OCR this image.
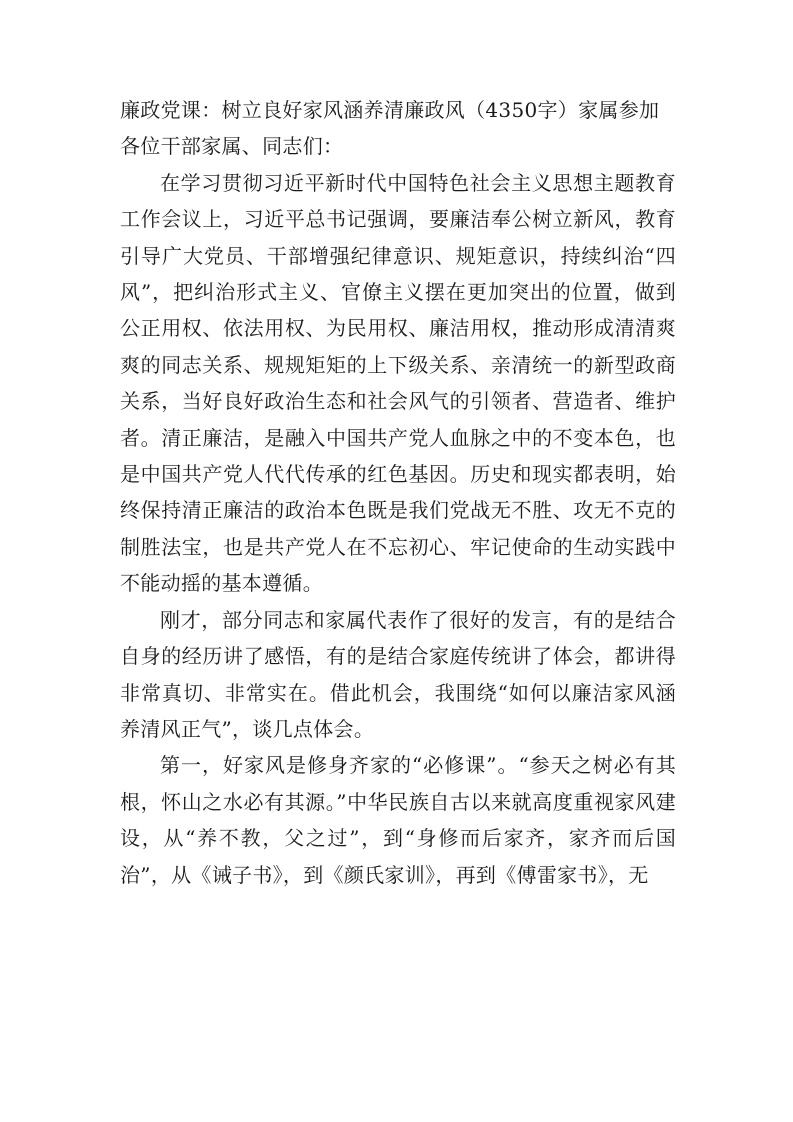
廉政党课：树立良好家风涵养清廉政风（4350字）家属参加

各位干部家属、同志们：

在学习贯彻习近平新时代中国特色社会主义思想主题教育工作会议上，习近平总书记强调，要廉洁奉公树立新风，教育引导广大党员、干部增强纪律意识、规矩意识，持续纠治“四风”，把纠治形式主义、官僚主义摆在更加突出的位置，做到公正用权、依法用权、为民用权、廉洁用权，推动形成清清爽爽的同志关系、规规矩矩的上下级关系、亲清统一的新型政商关系，当好良好政治生态和社会风气的引领者、营造者、维护者。清正廉洁，是融入中国共产党人血脉之中的不变本色，也是中国共产党人代代传承的红色基因。历史和现实都表明，始终保持清正廉洁的政治本色既是我们党战无不胜、攻无不克的制胜法宝，也是共产党人在不忘初心、牢记使命的生动实践中不能动摇的基本遵循。

刚才，部分同志和家属代表作了很好的发言，有的是结合自身的经历讲了感悟，有的是结合家庭传统讲了体会，都讲得非常真切、非常实在。借此机会，我围绕“如何以廉洁家风涵养清风正气”，谈几点体会。

第一，好家风是修身齐家的“必修课”。“参天之树必有其根，怀山之水必有其源。”中华民族自古以来就高度重视家风建设，从“养不教，父之过”，到“身修而后家齐，家齐而后国治”，从《诫子书》，到《颜氏家训》，再到《傅雷家书》，无
